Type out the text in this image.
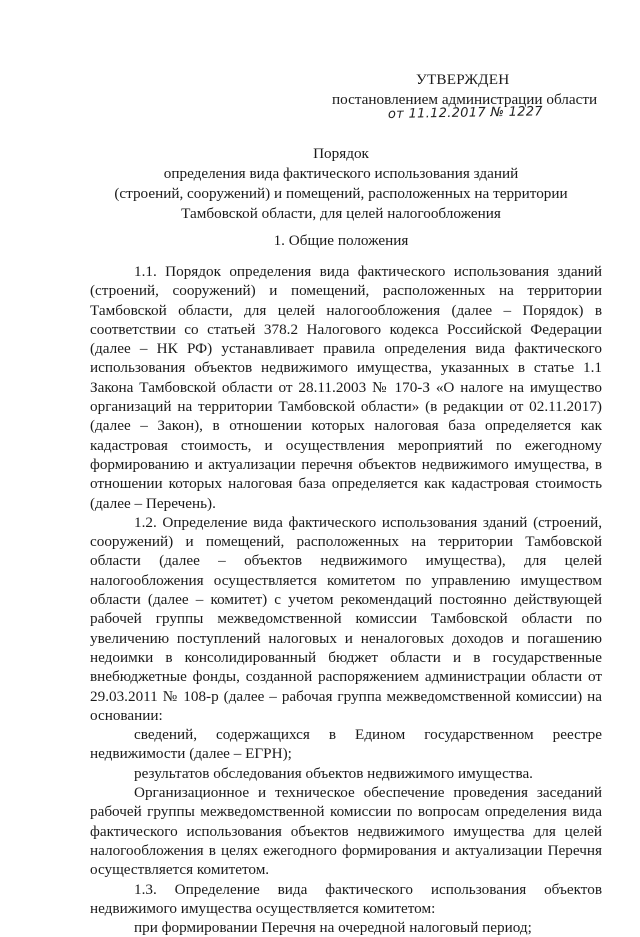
УТВЕРЖДЕН
постановлением администрации области
от 11.12.2017 № 1227
Порядок
определения вида фактического использования зданий
(строений, сооружений) и помещений, расположенных на территории
Тамбовской области, для целей налогообложения
1. Общие положения

1.1. Порядок определения вида фактического использования зданий (строений, сооружений) и помещений, расположенных на территории Тамбовской области, для целей налогообложения (далее – Порядок) в соответствии со статьей 378.2 Налогового кодекса Российской Федерации (далее – НК РФ) устанавливает правила определения вида фактического использования объектов недвижимого имущества, указанных в статье 1.1 Закона Тамбовской области от 28.11.2003 № 170-З «О налоге на имущество организаций на территории Тамбовской области» (в редакции от 02.11.2017) (далее – Закон), в отношении которых налоговая база определяется как кадастровая стоимость, и осуществления мероприятий по ежегодному формированию и актуализации перечня объектов недвижимого имущества, в отношении которых налоговая база определяется как кадастровая стоимость (далее – Перечень).

1.2. Определение вида фактического использования зданий (строений, сооружений) и помещений, расположенных на территории Тамбовской области (далее – объектов недвижимого имущества), для целей налогообложения осуществляется комитетом по управлению имуществом области (далее – комитет) с учетом рекомендаций постоянно действующей рабочей группы межведомственной комиссии Тамбовской области по увеличению поступлений налоговых и неналоговых доходов и погашению недоимки в консолидированный бюджет области и в государственные внебюджетные фонды, созданной распоряжением администрации области от 29.03.2011 № 108-р (далее – рабочая группа межведомственной комиссии) на основании:

сведений, содержащихся в Едином государственном реестре недвижимости (далее – ЕГРН);

результатов обследования объектов недвижимого имущества.

Организационное и техническое обеспечение проведения заседаний рабочей группы межведомственной комиссии по вопросам определения вида фактического использования объектов недвижимого имущества для целей налогообложения в целях ежегодного формирования и актуализации Перечня осуществляется комитетом.

1.3. Определение вида фактического использования объектов недвижимого имущества осуществляется комитетом:

при формировании Перечня на очередной налоговый период;
